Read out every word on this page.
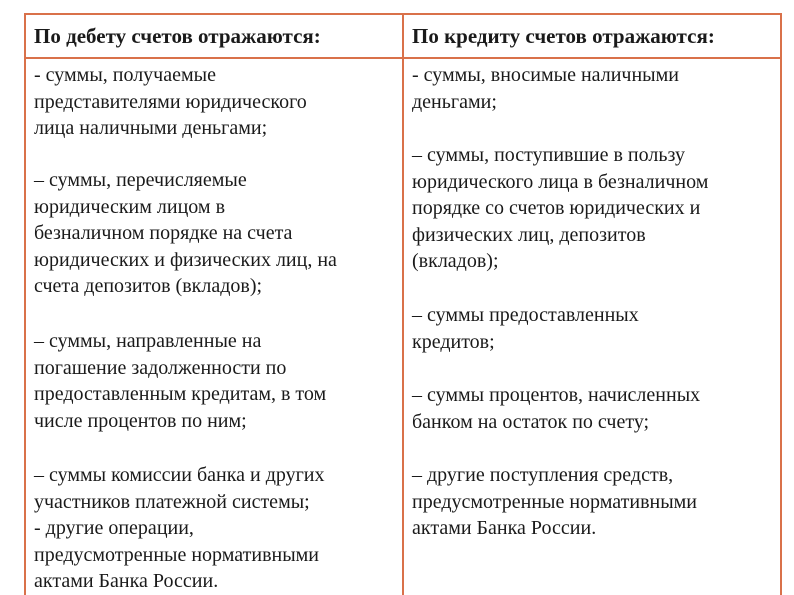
По дебету счетов отражаются:	По кредиту счетов отражаются:
- суммы, получаемые
представителями юридического
лица наличными деньгами;
– суммы, перечисляемые
юридическим лицом в
безналичном порядке на счета
юридических и физических лиц, на
счета депозитов (вкладов);
– суммы, направленные на
погашение задолженности по
предоставленным кредитам, в том
числе процентов по ним;
– суммы комиссии банка и других
участников платежной системы;
- другие операции,
предусмотренные нормативными
актами Банка России.
- суммы, вносимые наличными
деньгами;
– суммы, поступившие в пользу
юридического лица в безналичном
порядке со счетов юридических и
физических лиц, депозитов
(вкладов);
– суммы предоставленных
кредитов;
– суммы процентов, начисленных
банком на остаток по счету;
– другие поступления средств,
предусмотренные нормативными
актами Банка России.
